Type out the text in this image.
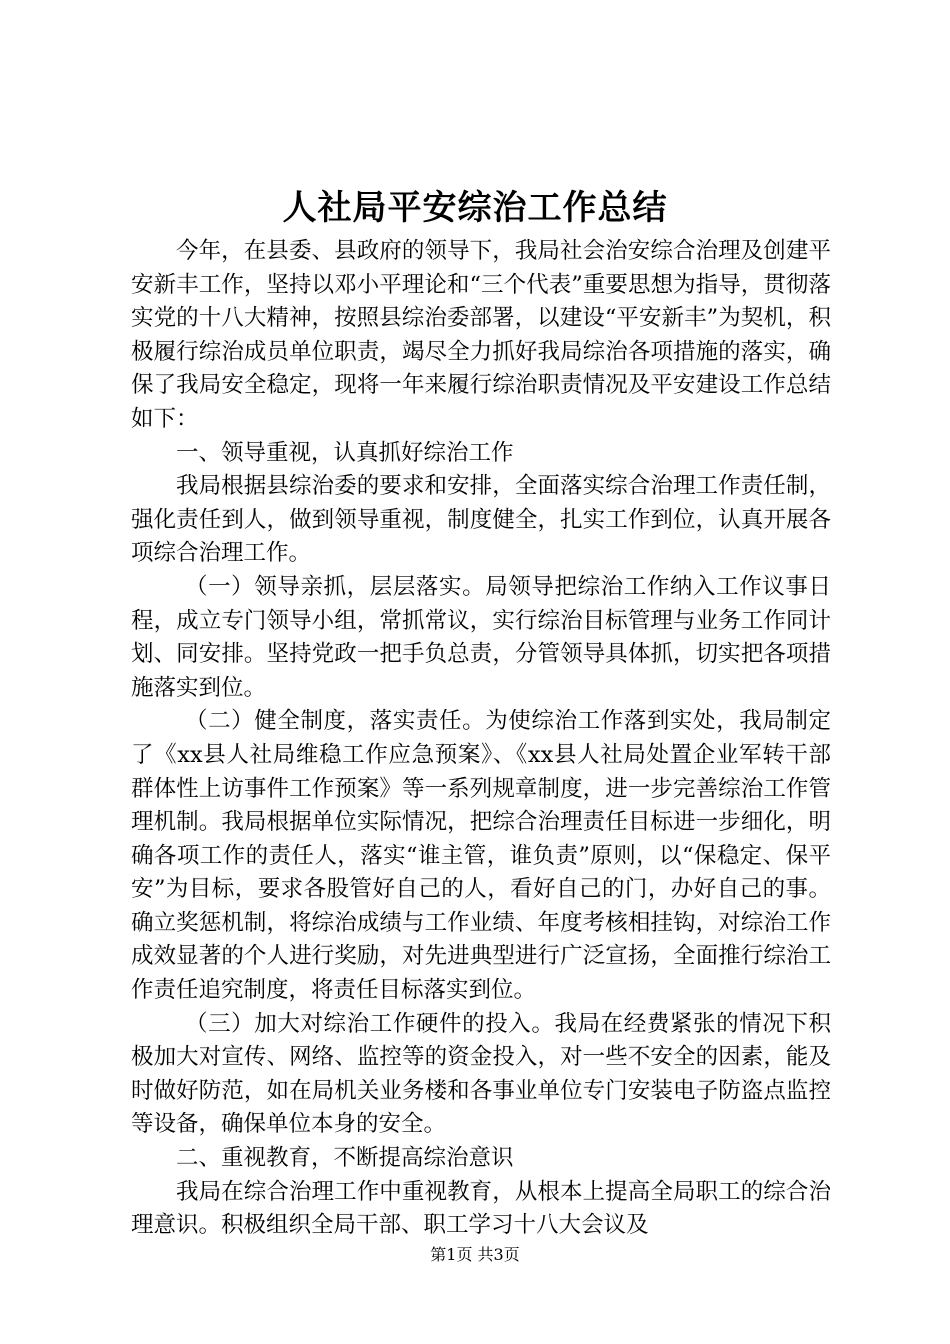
人社局平安综治工作总结

今年，在县委、县政府的领导下，我局社会治安综合治理及创建平安新丰工作，坚持以邓小平理论和“三个代表”重要思想为指导，贯彻落实党的十八大精神，按照县综治委部署，以建设“平安新丰”为契机，积极履行综治成员单位职责，竭尽全力抓好我局综治各项措施的落实，确保了我局安全稳定，现将一年来履行综治职责情况及平安建设工作总结如下：

一、领导重视，认真抓好综治工作

我局根据县综治委的要求和安排，全面落实综合治理工作责任制，强化责任到人，做到领导重视，制度健全，扎实工作到位，认真开展各项综合治理工作。

（一）领导亲抓，层层落实。局领导把综治工作纳入工作议事日程，成立专门领导小组，常抓常议，实行综治目标管理与业务工作同计划、同安排。坚持党政一把手负总责，分管领导具体抓，切实把各项措施落实到位。

（二）健全制度，落实责任。为使综治工作落到实处，我局制定了《xx县人社局维稳工作应急预案》、《xx县人社局处置企业军转干部群体性上访事件工作预案》等一系列规章制度，进一步完善综治工作管理机制。我局根据单位实际情况，把综合治理责任目标进一步细化，明确各项工作的责任人，落实“谁主管，谁负责”原则，以“保稳定、保平安”为目标，要求各股管好自己的人，看好自己的门，办好自己的事。确立奖惩机制，将综治成绩与工作业绩、年度考核相挂钩，对综治工作成效显著的个人进行奖励，对先进典型进行广泛宣扬，全面推行综治工作责任追究制度，将责任目标落实到位。

（三）加大对综治工作硬件的投入。我局在经费紧张的情况下积极加大对宣传、网络、监控等的资金投入，对一些不安全的因素，能及时做好防范，如在局机关业务楼和各事业单位专门安装电子防盗点监控等设备，确保单位本身的安全。

二、重视教育，不断提高综治意识

我局在综合治理工作中重视教育，从根本上提高全局职工的综合治理意识。积极组织全局干部、职工学习十八大会议及

第1页 共3页
